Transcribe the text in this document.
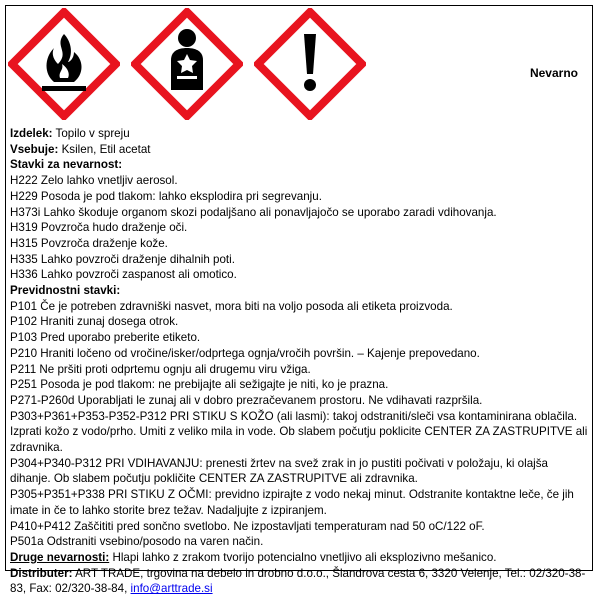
Nevarno
Izdelek: Topilo v spreju
Vsebuje: Ksilen, Etil acetat
Stavki za nevarnost:
H222 Zelo lahko vnetljiv aerosol.
H229 Posoda je pod tlakom: lahko eksplodira pri segrevanju.
H373i Lahko škoduje organom skozi podaljšano ali ponavljajočo se uporabo zaradi vdihovanja.
H319 Povzroča hudo draženje oči.
H315 Povzroča draženje kože.
H335 Lahko povzroči draženje dihalnih poti.
H336 Lahko povzroči zaspanost ali omotico.
Previdnostni stavki:
P101 Če je potreben zdravniški nasvet, mora biti na voljo posoda ali etiketa proizvoda.
P102 Hraniti zunaj dosega otrok.
P103 Pred uporabo preberite etiketo.
P210 Hraniti ločeno od vročine/isker/odprtega ognja/vročih površin. – Kajenje prepovedano.
P211 Ne pršiti proti odprtemu ognju ali drugemu viru vžiga.
P251 Posoda je pod tlakom: ne prebijajte ali sežigajte je niti, ko je prazna.
P271-P260d Uporabljati le zunaj ali v dobro prezračevanem prostoru. Ne vdihavati razpršila.
P303+P361+P353-P352-P312 PRI STIKU S KOŽO (ali lasmi): takoj odstraniti/sleči vsa kontaminirana oblačila. Izprati kožo z vodo/prho. Umiti z veliko mila in vode. Ob slabem počutju poklicite CENTER ZA ZASTRUPITVE ali zdravnika.
P304+P340-P312 PRI VDIHAVANJU: prenesti žrtev na svež zrak in jo pustiti počivati v položaju, ki olajša dihanje. Ob slabem počutju pokličite CENTER ZA ZASTRUPITVE ali zdravnika.
P305+P351+P338 PRI STIKU Z OČMI: previdno izpirajte z vodo nekaj minut. Odstranite kontaktne leče, če jih imate in če to lahko storite brez težav. Nadaljujte z izpiranjem.
P410+P412 Zaščititi pred sončno svetlobo. Ne izpostavljati temperaturam nad 50 oC/122 oF.
P501a Odstraniti vsebino/posodo na varen način.
Druge nevarnosti: Hlapi lahko z zrakom tvorijo potencialno vnetljivo ali eksplozivno mešanico.
Distributer: ART TRADE, trgovina na debelo in drobno d.o.o., Šlandrova cesta 6, 3320 Velenje, Tel.: 02/320-38-83, Fax: 02/320-38-84, info@arttrade.si
